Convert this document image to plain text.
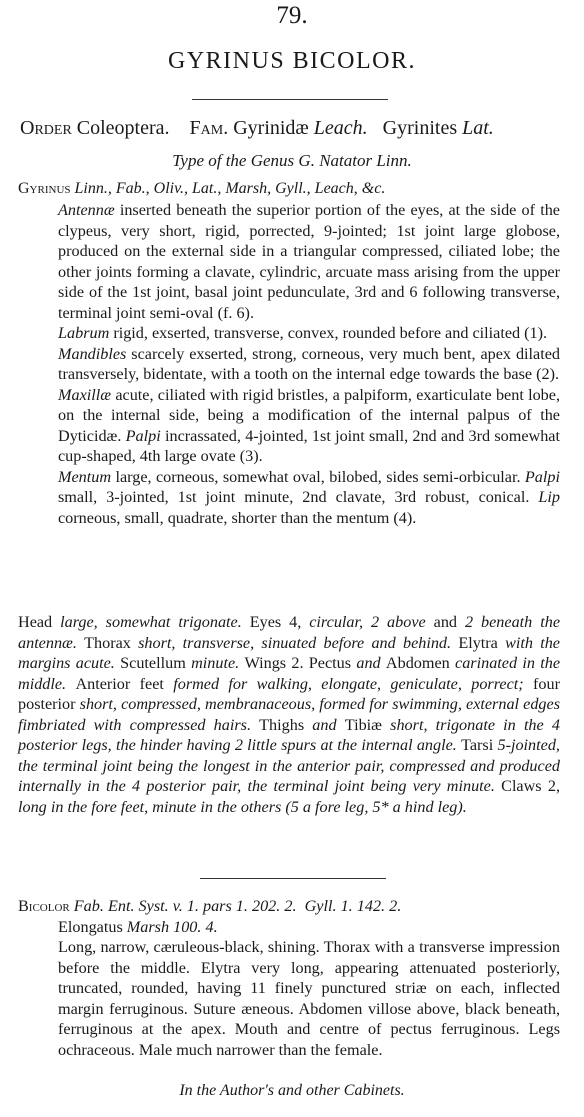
79.
GYRINUS BICOLOR.
Order Coleoptera. Fam. Gyrinidæ Leach. Gyrinites Lat.
Type of the Genus G. Natator Linn.
Gyrinus Linn., Fab., Oliv., Lat., Marsh, Gyll., Leach, &c.

Antennæ inserted beneath the superior portion of the eyes, at the side of the clypeus, very short, rigid, porrected, 9-jointed; 1st joint large globose, produced on the external side in a triangular compressed, ciliated lobe; the other joints forming a clavate, cylindric, arcuate mass arising from the upper side of the 1st joint, basal joint pedunculate, 3rd and 6 following transverse, terminal joint semi-oval (f. 6).

Labrum rigid, exserted, transverse, convex, rounded before and ciliated (1).

Mandibles scarcely exserted, strong, corneous, very much bent, apex dilated transversely, bidentate, with a tooth on the internal edge towards the base (2).

Maxillæ acute, ciliated with rigid bristles, a palpiform, exarticulate bent lobe, on the internal side, being a modification of the internal palpus of the Dyticidæ. Palpi incrassated, 4-jointed, 1st joint small, 2nd and 3rd somewhat cup-shaped, 4th large ovate (3).

Mentum large, corneous, somewhat oval, bilobed, sides semi-orbicular. Palpi small, 3-jointed, 1st joint minute, 2nd clavate, 3rd robust, conical. Lip corneous, small, quadrate, shorter than the mentum (4).

Head large, somewhat trigonate. Eyes 4, circular, 2 above and 2 beneath the antennæ. Thorax short, transverse, sinuated before and behind. Elytra with the margins acute. Scutellum minute. Wings 2. Pectus and Abdomen carinated in the middle. Anterior feet formed for walking, elongate, geniculate, porrect; four posterior short, compressed, membranaceous, formed for swimming, external edges fimbriated with compressed hairs. Thighs and Tibiæ short, trigonate in the 4 posterior legs, the hinder having 2 little spurs at the internal angle. Tarsi 5-jointed, the terminal joint being the longest in the anterior pair, compressed and produced internally in the 4 posterior pair, the terminal joint being very minute. Claws 2, long in the fore feet, minute in the others (5 a fore leg, 5* a hind leg).

Bicolor Fab. Ent. Syst. v. 1. pars 1. 202. 2. Gyll. 1. 142. 2.

Elongatus Marsh 100. 4.

Long, narrow, cæruleous-black, shining. Thorax with a transverse impression before the middle. Elytra very long, appearing attenuated posteriorly, truncated, rounded, having 11 finely punctured striæ on each, inflected margin ferruginous. Suture æneous. Abdomen villose above, black beneath, ferruginous at the apex. Mouth and centre of pectus ferruginous. Legs ochraceous. Male much narrower than the female.

In the Author's and other Cabinets.
